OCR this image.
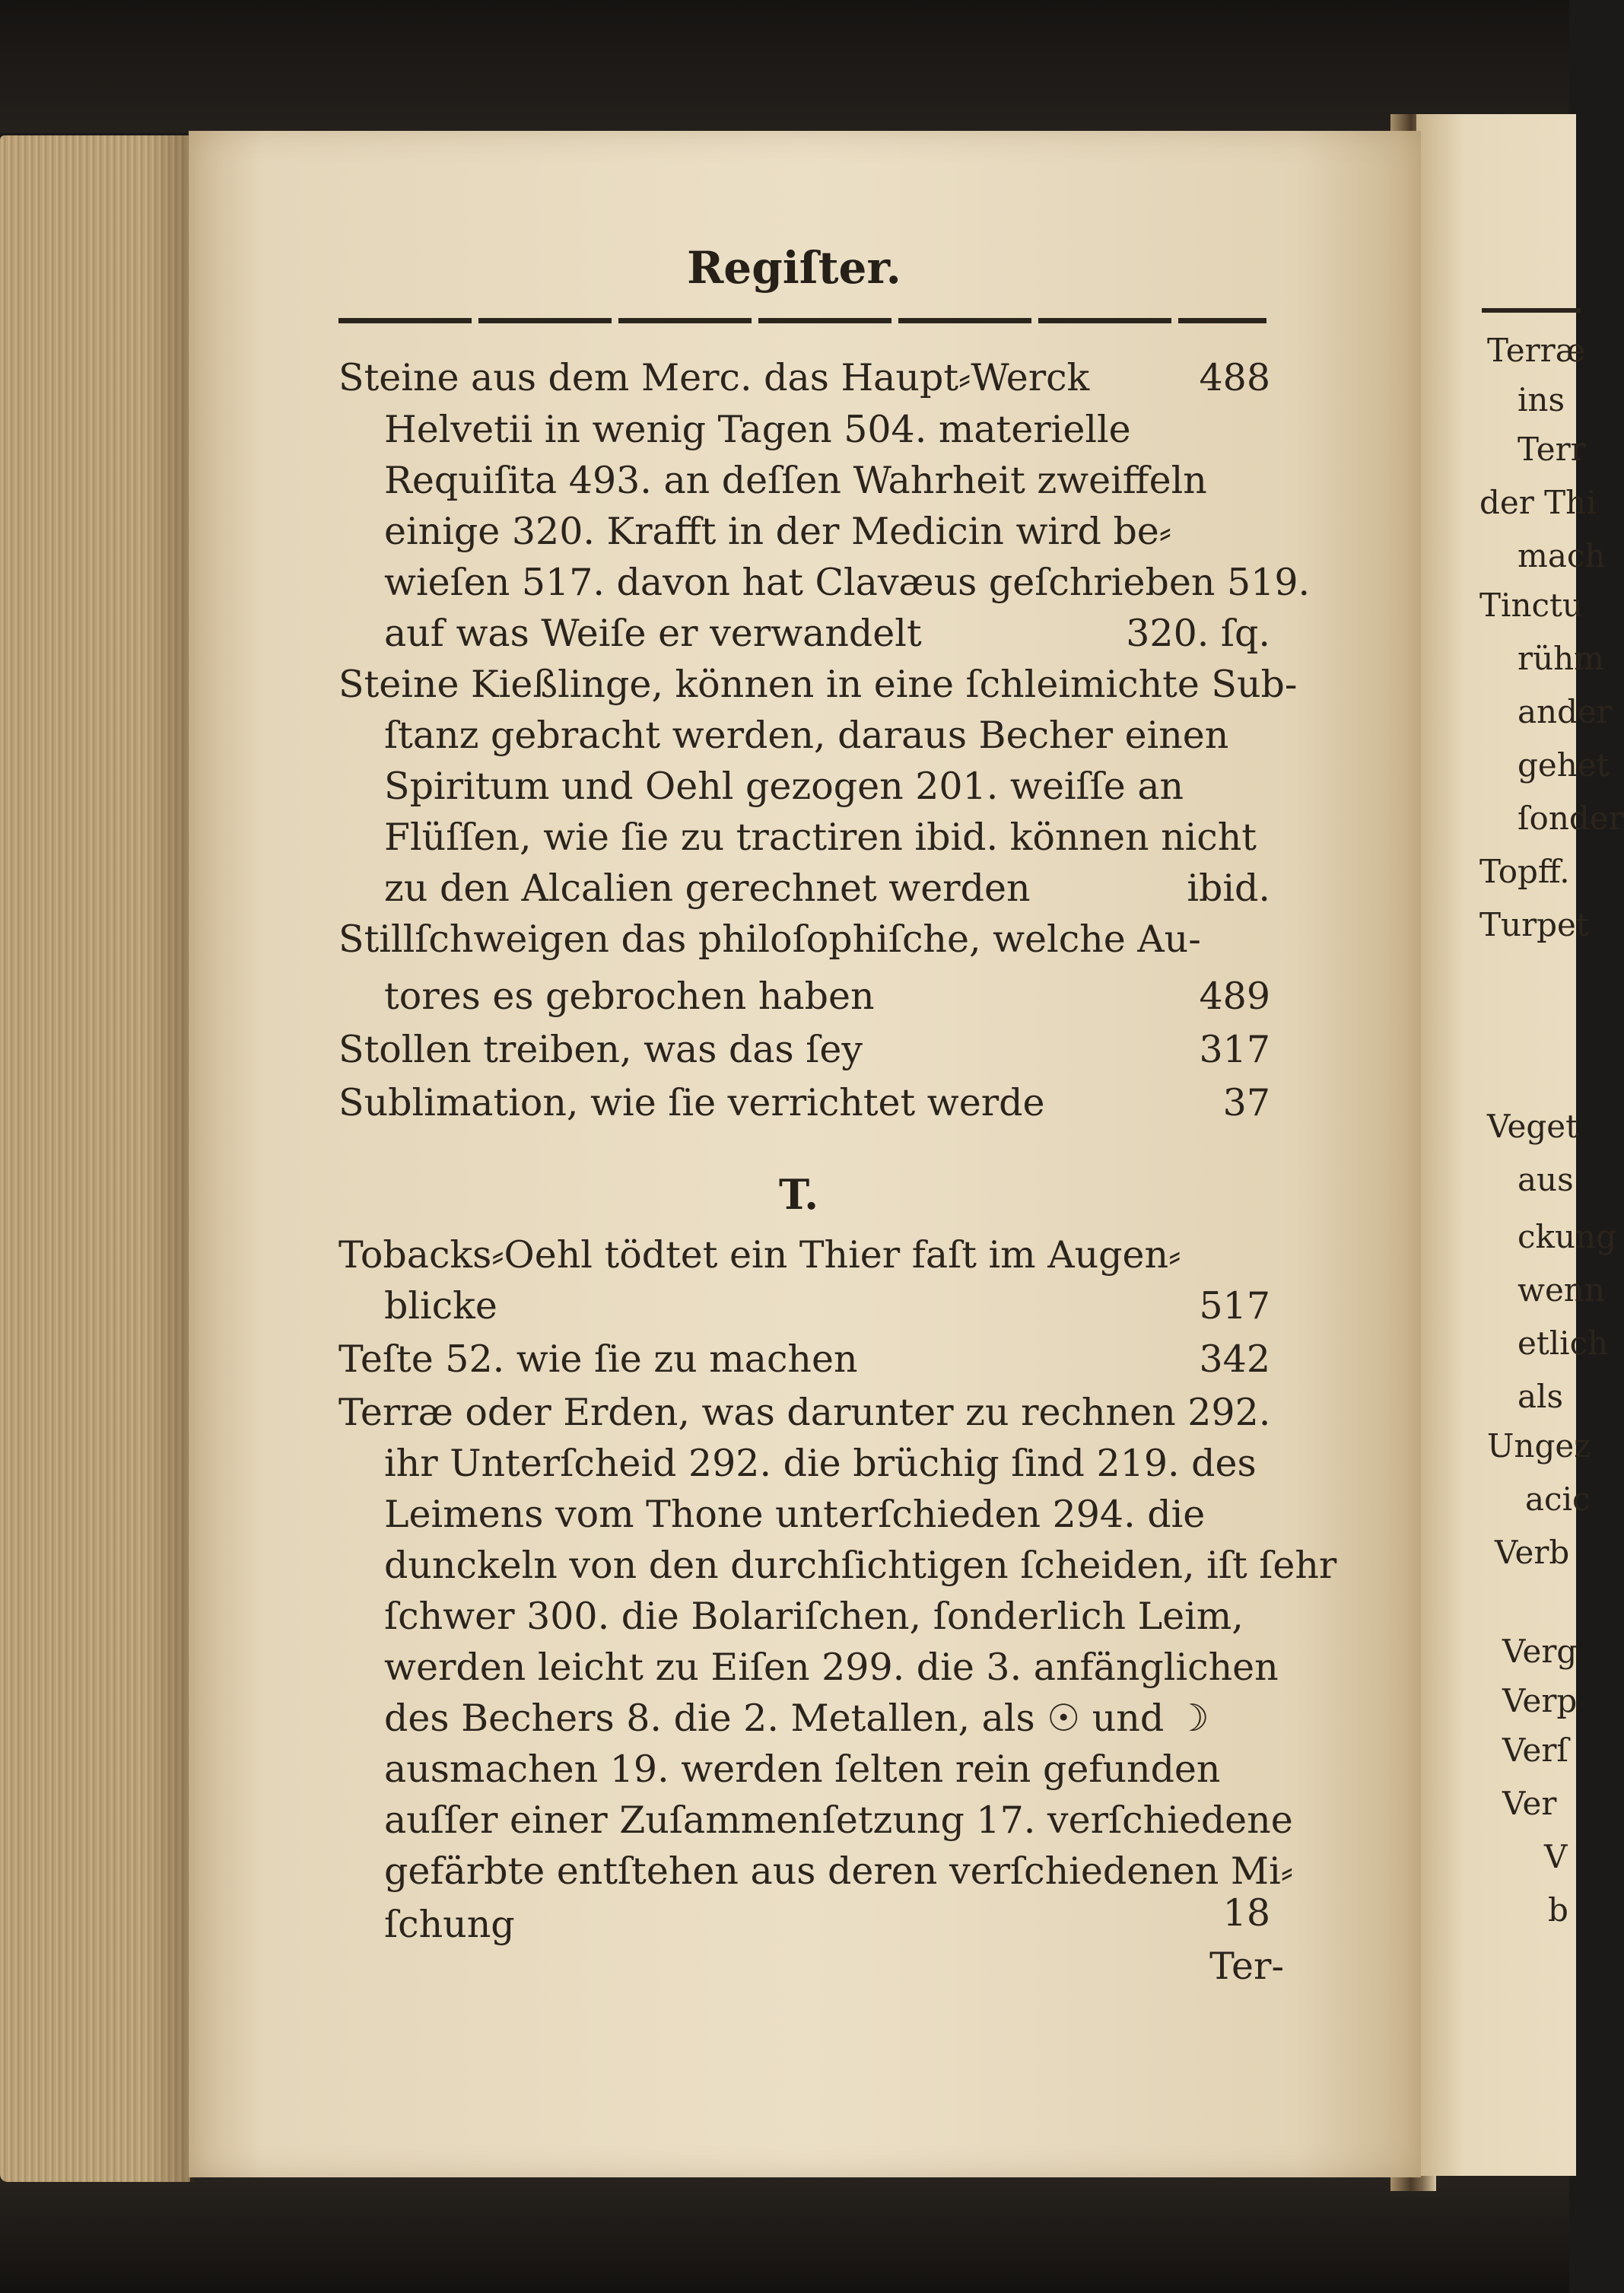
Regiſter.
Steine aus dem Merc. das Haupt⸗Werck	488
Helvetii in wenig Tagen 504. materielle
Requiſita 493. an deſſen Wahrheit zweiffeln
einige 320. Krafft in der Medicin wird be⸗
wieſen 517. davon hat Clavæus geſchrieben 519.
auf was Weiſe er verwandelt	320. ſq.
Steine Kießlinge, können in eine ſchleimichte Sub-
ſtanz gebracht werden, daraus Becher einen
Spiritum und Oehl gezogen 201. weiſſe an
Flüſſen, wie ſie zu tractiren ibid. können nicht
zu den Alcalien gerechnet werden	ibid.
Stillſchweigen das philoſophiſche, welche Au-
tores es gebrochen haben	489
Stollen treiben, was das ſey	317
Sublimation, wie ſie verrichtet werde	37
T.
Tobacks⸗Oehl tödtet ein Thier faſt im Augen⸗
blicke	517
Teſte 52. wie ſie zu machen	342
Terræ oder Erden, was darunter zu rechnen 292.
ihr Unterſcheid 292. die brüchig ſind 219. des
Leimens vom Thone unterſchieden 294. die
dunckeln von den durchſichtigen ſcheiden, iſt ſehr
ſchwer 300. die Bolariſchen, ſonderlich Leim,
werden leicht zu Eiſen 299. die 3. anfänglichen
des Bechers 8. die 2. Metallen, als ☉ und ☽
ausmachen 19. werden ſelten rein gefunden
auſſer einer Zuſammenſetzung 17. verſchiedene
gefärbte entſtehen aus deren verſchiedenen Mi⸗
ſchung	18
Ter-
Terræ
ins
Terr
der Thi
mach
Tinctu
rühm
ander
gehet
ſonder
Topff.
Turpet
Veget
aus
ckung
wenn
etlich
als
Ungez
acic
Verb
Verg
Verp
Verſ
Ver
V
b
